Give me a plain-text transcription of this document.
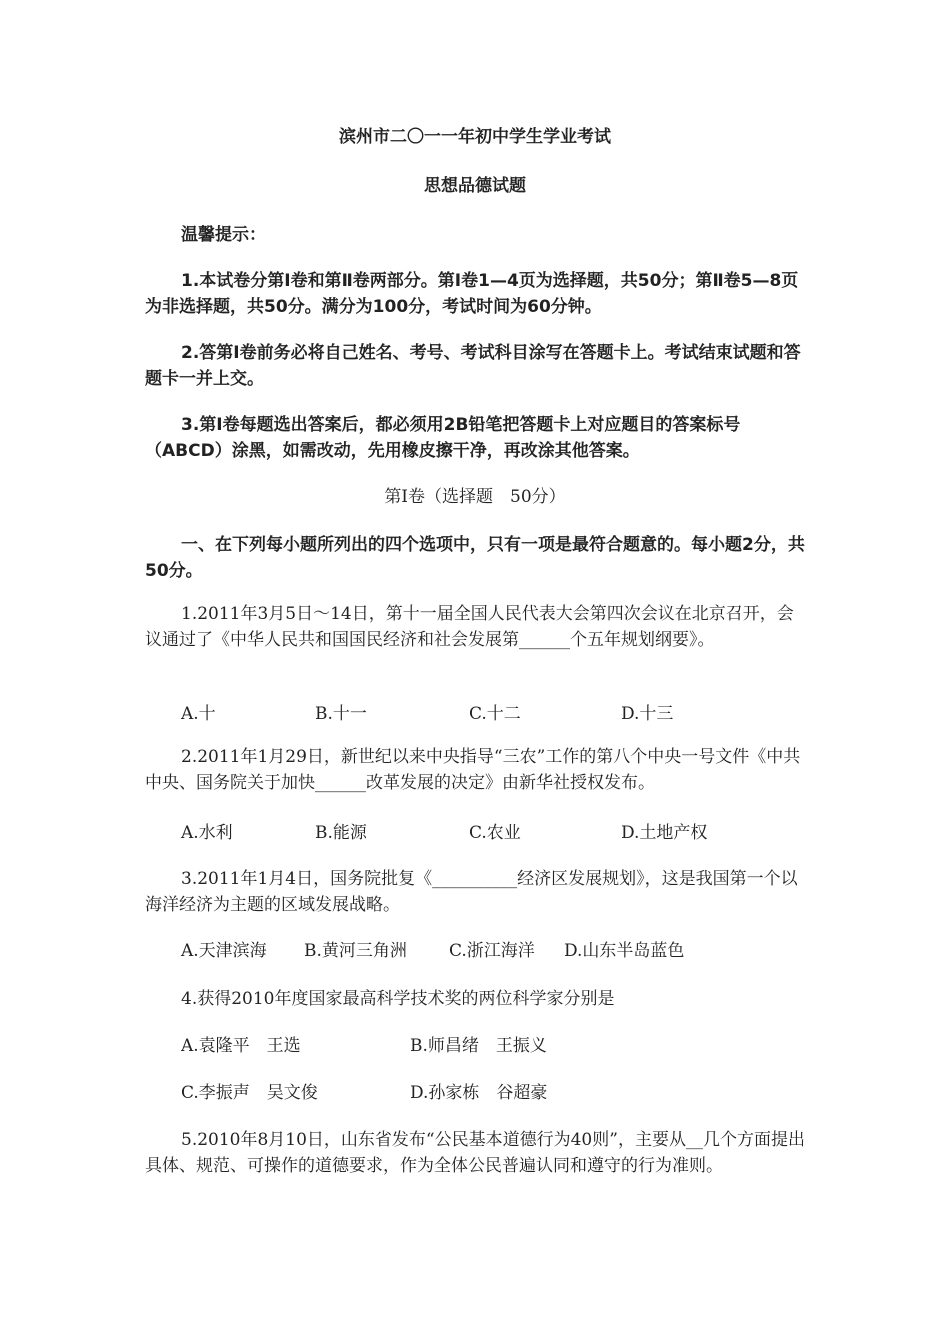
滨州市二〇一一年初中学生学业考试
思想品德试题
温馨提示：
1.本试卷分第Ⅰ卷和第Ⅱ卷两部分。第Ⅰ卷1—4页为选择题，共50分；第Ⅱ卷5—8页为非选择题，共50分。满分为100分，考试时间为60分钟。
2.答第Ⅰ卷前务必将自己姓名、考号、考试科目涂写在答题卡上。考试结束试题和答题卡一并上交。
3.第Ⅰ卷每题选出答案后，都必须用2B铅笔把答题卡上对应题目的答案标号（ABCD）涂黑，如需改动，先用橡皮擦干净，再改涂其他答案。
第Ⅰ卷（选择题　50分）
一、在下列每小题所列出的四个选项中，只有一项是最符合题意的。每小题2分，共50分。
1.2011年3月5日～14日，第十一届全国人民代表大会第四次会议在北京召开，会议通过了《中华人民共和国国民经济和社会发展第______个五年规划纲要》。
A.十	B.十一	C.十二	D.十三
2.2011年1月29日，新世纪以来中央指导“三农”工作的第八个中央一号文件《中共中央、国务院关于加快______改革发展的决定》由新华社授权发布。
A.水利	B.能源	C.农业	D.土地产权
3.2011年1月4日，国务院批复《__________经济区发展规划》，这是我国第一个以海洋经济为主题的区域发展战略。
A.天津滨海 B.黄河三角洲 C.浙江海洋 D.山东半岛蓝色
4.获得2010年度国家最高科学技术奖的两位科学家分别是
A.袁隆平　王选	B.师昌绪　王振义
C.李振声　吴文俊	D.孙家栋　谷超豪
5.2010年8月10日，山东省发布“公民基本道德行为40则”，主要从__几个方面提出具体、规范、可操作的道德要求，作为全体公民普遍认同和遵守的行为准则。
